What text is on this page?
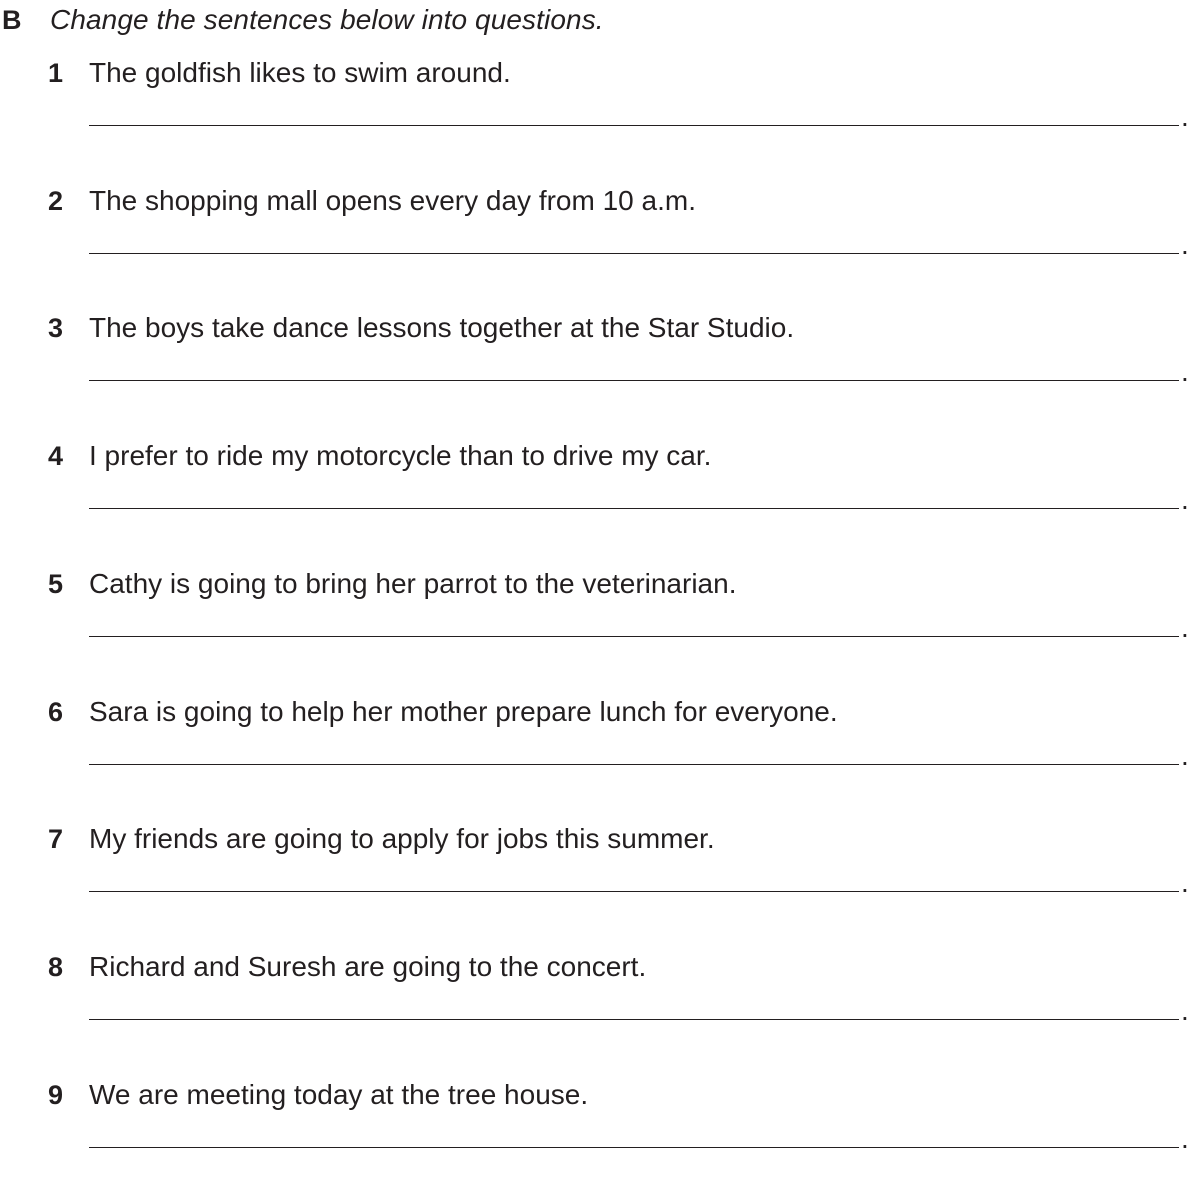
B	Change the sentences below into questions.
1 The goldfish likes to swim around.
.
2 The shopping mall opens every day from 10 a.m.
.
3 The boys take dance lessons together at the Star Studio.
.
4 I prefer to ride my motorcycle than to drive my car.
.
5 Cathy is going to bring her parrot to the veterinarian.
.
6 Sara is going to help her mother prepare lunch for everyone.
.
7 My friends are going to apply for jobs this summer.
.
8 Richard and Suresh are going to the concert.
.
9 We are meeting today at the tree house.
.
